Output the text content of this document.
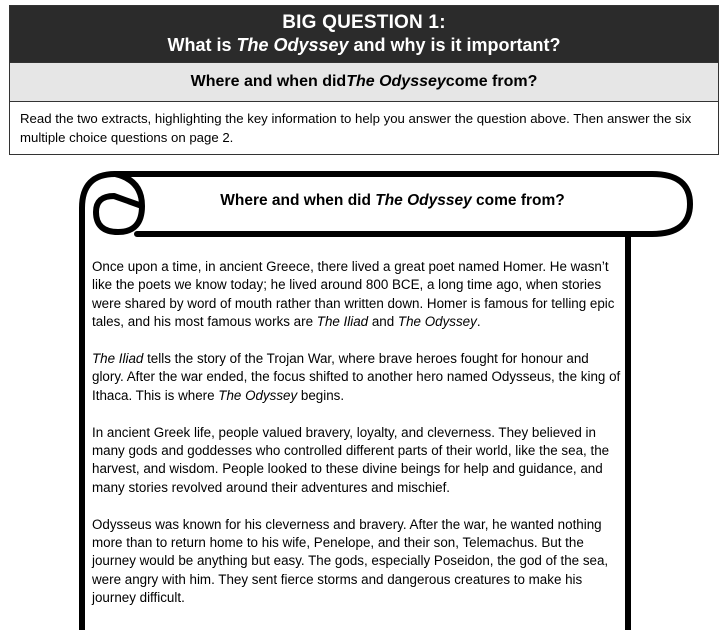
BIG QUESTION 1:
What is The Odyssey and why is it important?
Where and when did The Odyssey come from?
Read the two extracts, highlighting the key information to help you answer the question above. Then answer the six multiple choice questions on page 2.
Where and when did The Odyssey come from?

Once upon a time, in ancient Greece, there lived a great poet named Homer. He wasn’t like the poets we know today; he lived around 800 BCE, a long time ago, when stories were shared by word of mouth rather than written down. Homer is famous for telling epic tales, and his most famous works are The Iliad and The Odyssey.

The Iliad tells the story of the Trojan War, where brave heroes fought for honour and glory. After the war ended, the focus shifted to another hero named Odysseus, the king of Ithaca. This is where The Odyssey begins.

In ancient Greek life, people valued bravery, loyalty, and cleverness. They believed in many gods and goddesses who controlled different parts of their world, like the sea, the harvest, and wisdom. People looked to these divine beings for help and guidance, and many stories revolved around their adventures and mischief.

Odysseus was known for his cleverness and bravery. After the war, he wanted nothing more than to return home to his wife, Penelope, and their son, Telemachus. But the journey would be anything but easy. The gods, especially Poseidon, the god of the sea, were angry with him. They sent fierce storms and dangerous creatures to make his journey difficult.
